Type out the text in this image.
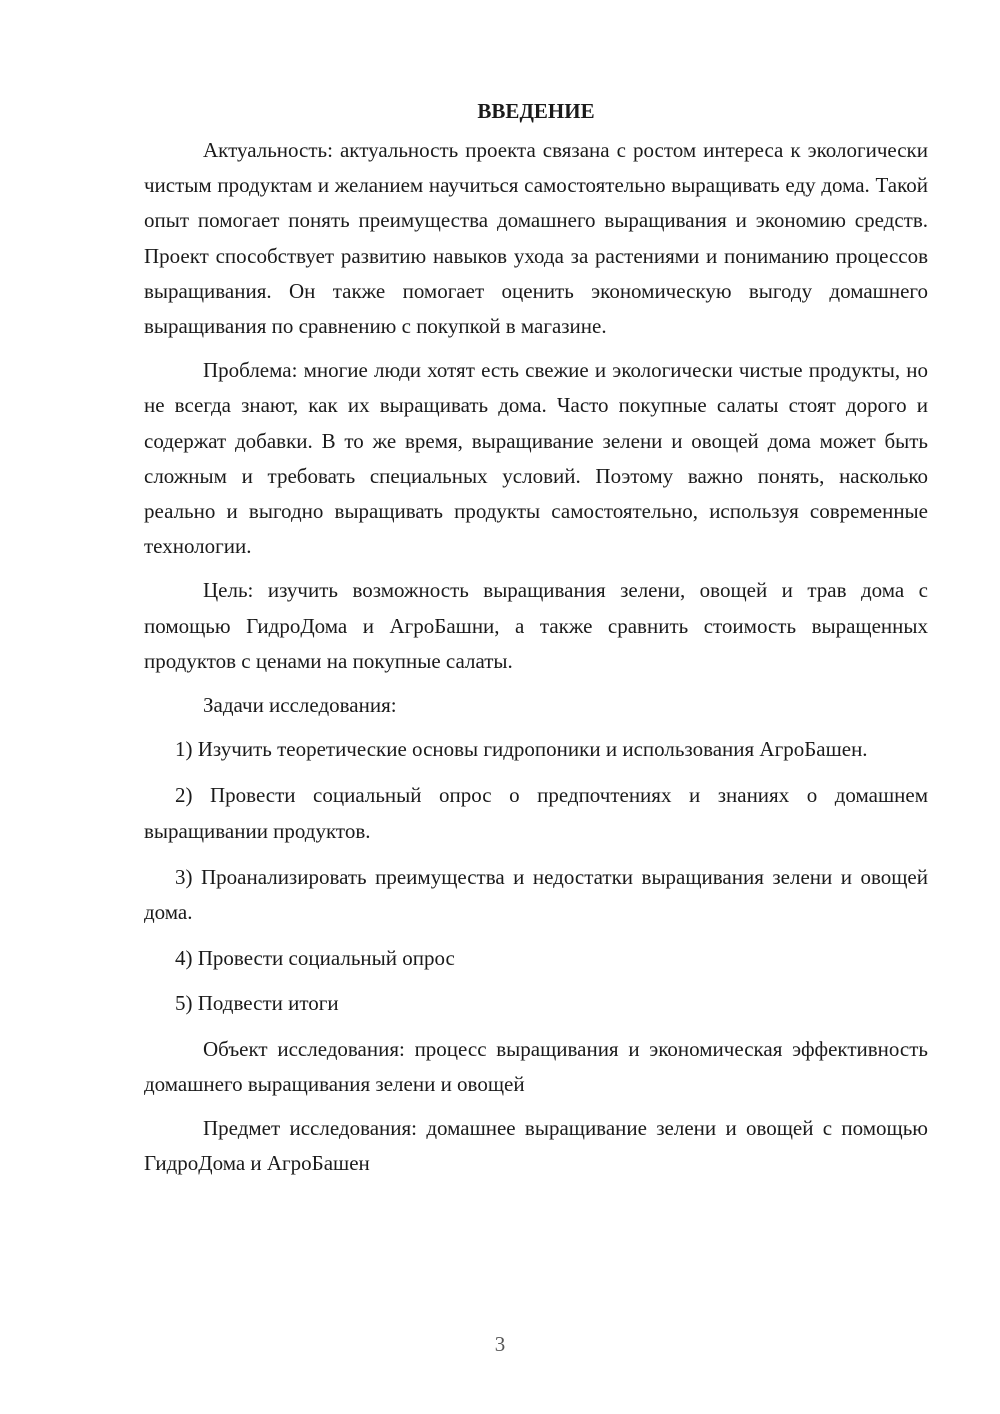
ВВЕДЕНИЕ

Актуальность: актуальность проекта связана с ростом интереса к экологически чистым продуктам и желанием научиться самостоятельно выращивать еду дома. Такой опыт помогает понять преимущества домашнего выращивания и экономию средств. Проект способствует развитию навыков ухода за растениями и пониманию процессов выращивания. Он также помогает оценить экономическую выгоду домашнего выращивания по сравнению с покупкой в магазине.

Проблема: многие люди хотят есть свежие и экологически чистые продукты, но не всегда знают, как их выращивать дома. Часто покупные салаты стоят дорого и содержат добавки. В то же время, выращивание зелени и овощей дома может быть сложным и требовать специальных условий. Поэтому важно понять, насколько реально и выгодно выращивать продукты самостоятельно, используя современные технологии.

Цель: изучить возможность выращивания зелени, овощей и трав дома с помощью ГидроДома и АгроБашни, а также сравнить стоимость выращенных продуктов с ценами на покупные салаты.

Задачи исследования:

1) Изучить теоретические основы гидропоники и использования АгроБашен.

2) Провести социальный опрос о предпочтениях и знаниях о домашнем выращивании продуктов.

3) Проанализировать преимущества и недостатки выращивания зелени и овощей дома.

4) Провести социальный опрос

5) Подвести итоги

Объект исследования: процесс выращивания и экономическая эффективность домашнего выращивания зелени и овощей

Предмет исследования: домашнее выращивание зелени и овощей с помощью ГидроДома и АгроБашен

3
